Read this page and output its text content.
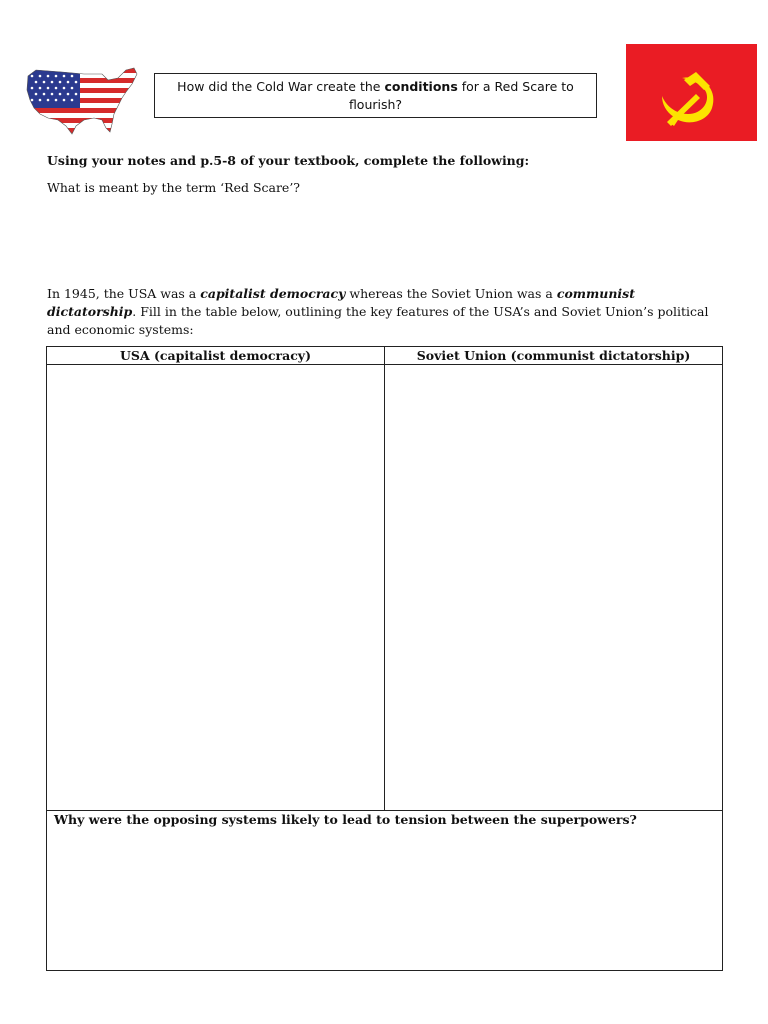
How did the Cold War create the conditions for a Red Scare to flourish?
Using your notes and p.5-8 of your textbook, complete the following:
What is meant by the term ‘Red Scare’?
In 1945, the USA was a capitalist democracy whereas the Soviet Union was a communist dictatorship. Fill in the table below, outlining the key features of the USA’s and Soviet Union’s political and economic systems:
USA (capitalist democracy)	Soviet Union (communist dictatorship)

Why were the opposing systems likely to lead to tension between the superpowers?	
